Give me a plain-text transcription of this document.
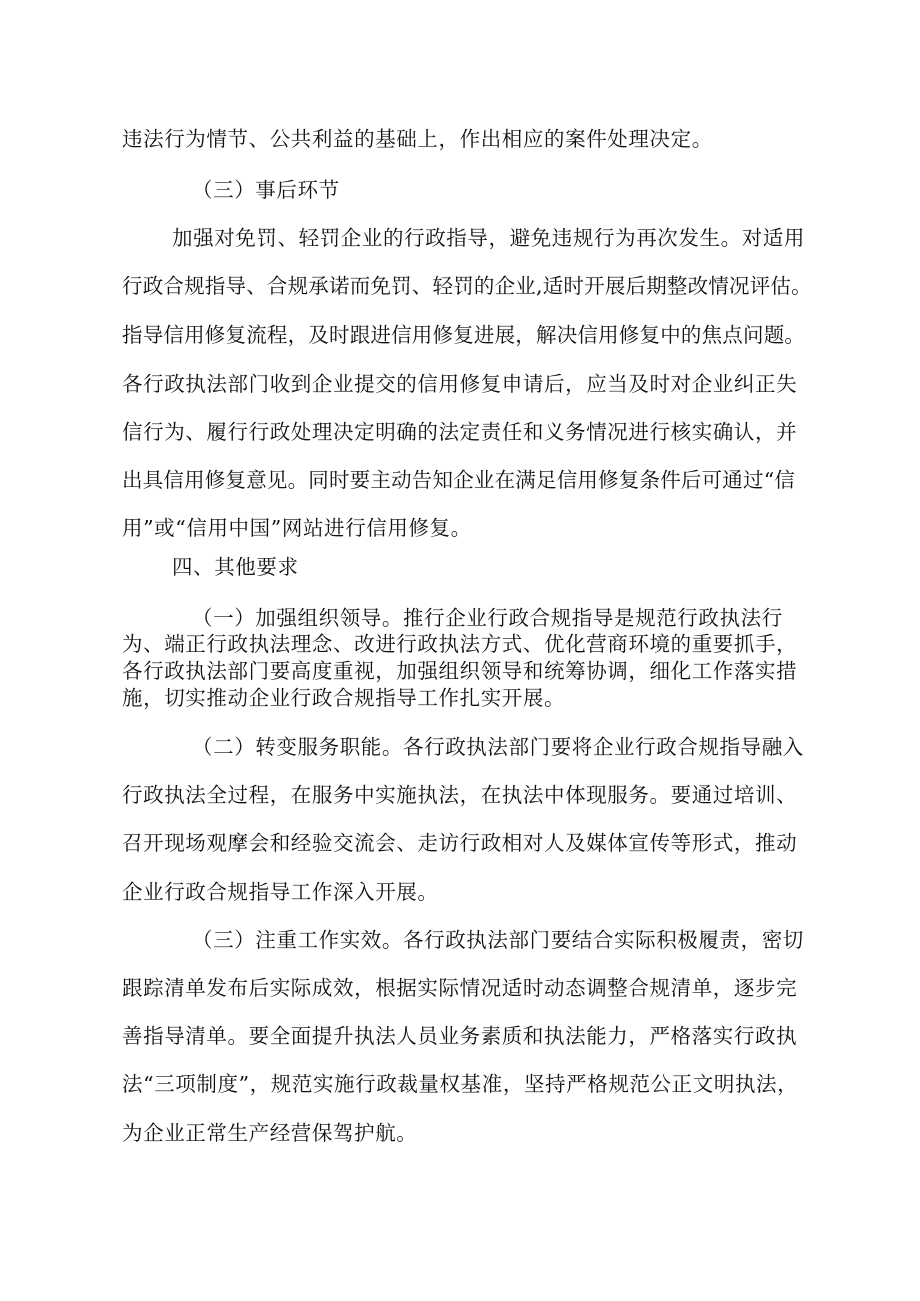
违法行为情节、公共利益的基础上，作出相应的案件处理决定。
（三）事后环节
加强对免罚、轻罚企业的行政指导，避免违规行为再次发生。对适用
行政合规指导、合规承诺而免罚、轻罚的企业,适时开展后期整改情况评估。
指导信用修复流程，及时跟进信用修复进展，解决信用修复中的焦点问题。
各行政执法部门收到企业提交的信用修复申请后，应当及时对企业纠正失
信行为、履行行政处理决定明确的法定责任和义务情况进行核实确认，并
出具信用修复意见。同时要主动告知企业在满足信用修复条件后可通过“信
用”或“信用中国”网站进行信用修复。
四、其他要求
（一）加强组织领导。推行企业行政合规指导是规范行政执法行
为、端正行政执法理念、改进行政执法方式、优化营商环境的重要抓手，
各行政执法部门要高度重视，加强组织领导和统筹协调，细化工作落实措
施，切实推动企业行政合规指导工作扎实开展。
（二）转变服务职能。各行政执法部门要将企业行政合规指导融入
行政执法全过程，在服务中实施执法，在执法中体现服务。要通过培训、
召开现场观摩会和经验交流会、走访行政相对人及媒体宣传等形式，推动
企业行政合规指导工作深入开展。
（三）注重工作实效。各行政执法部门要结合实际积极履责，密切
跟踪清单发布后实际成效，根据实际情况适时动态调整合规清单，逐步完
善指导清单。要全面提升执法人员业务素质和执法能力，严格落实行政执
法“三项制度”，规范实施行政裁量权基准，坚持严格规范公正文明执法，
为企业正常生产经营保驾护航。
